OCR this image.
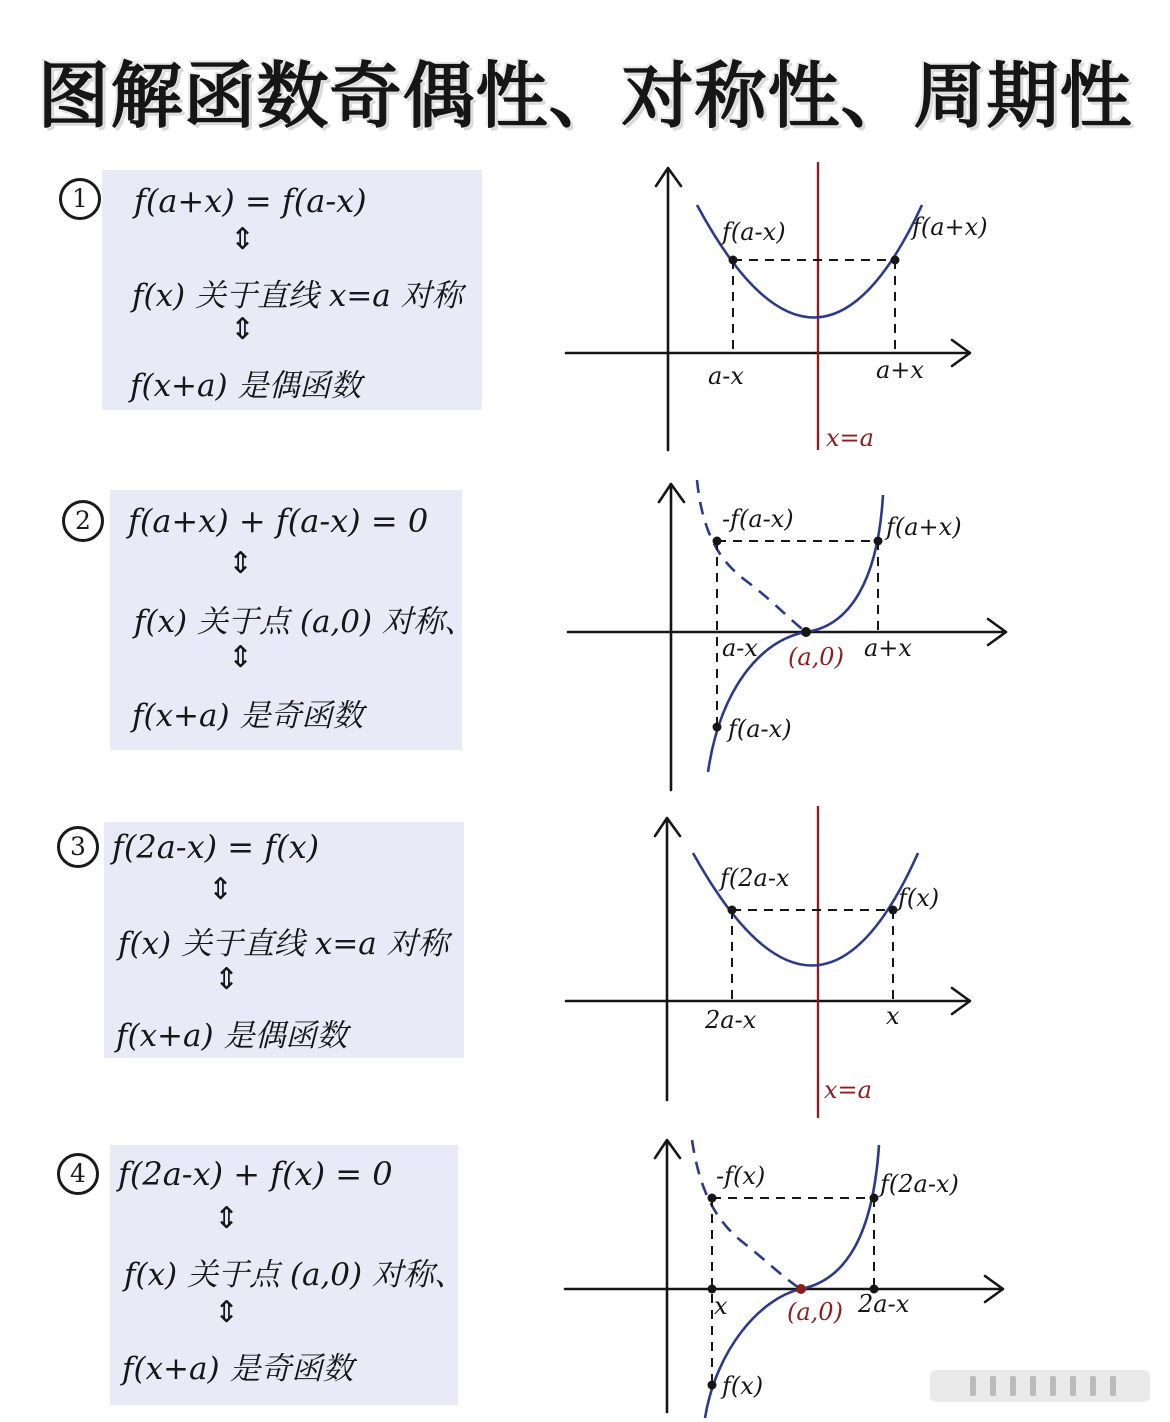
图解函数奇偶性、对称性、周期性
1	f(a+x) = f(a-x)
⇕
f(x) 关于直线 x=a 对称
⇕
f(x+a) 是偶函数
2	f(a+x) + f(a-x) = 0
⇕
f(x) 关于点 (a,0) 对称、
⇕
f(x+a) 是奇函数
3 f(2a-x) = f(x)
⇕
f(x) 关于直线 x=a 对称
⇕
f(x+a) 是偶函数
4	f(2a-x) + f(x) = 0
⇕
f(x) 关于点 (a,0) 对称、
⇕
f(x+a) 是奇函数
f(a-x)	f(a+x)
a-x	a+x
x=a
-f(a-x)	f(a+x)
a-x (a,0) a+x
f(a-x)
f(2a-x
f(x)
2a-x	x
x=a
-f(x)	f(2a-x)
x (a,0) 2a-x
f(x)
